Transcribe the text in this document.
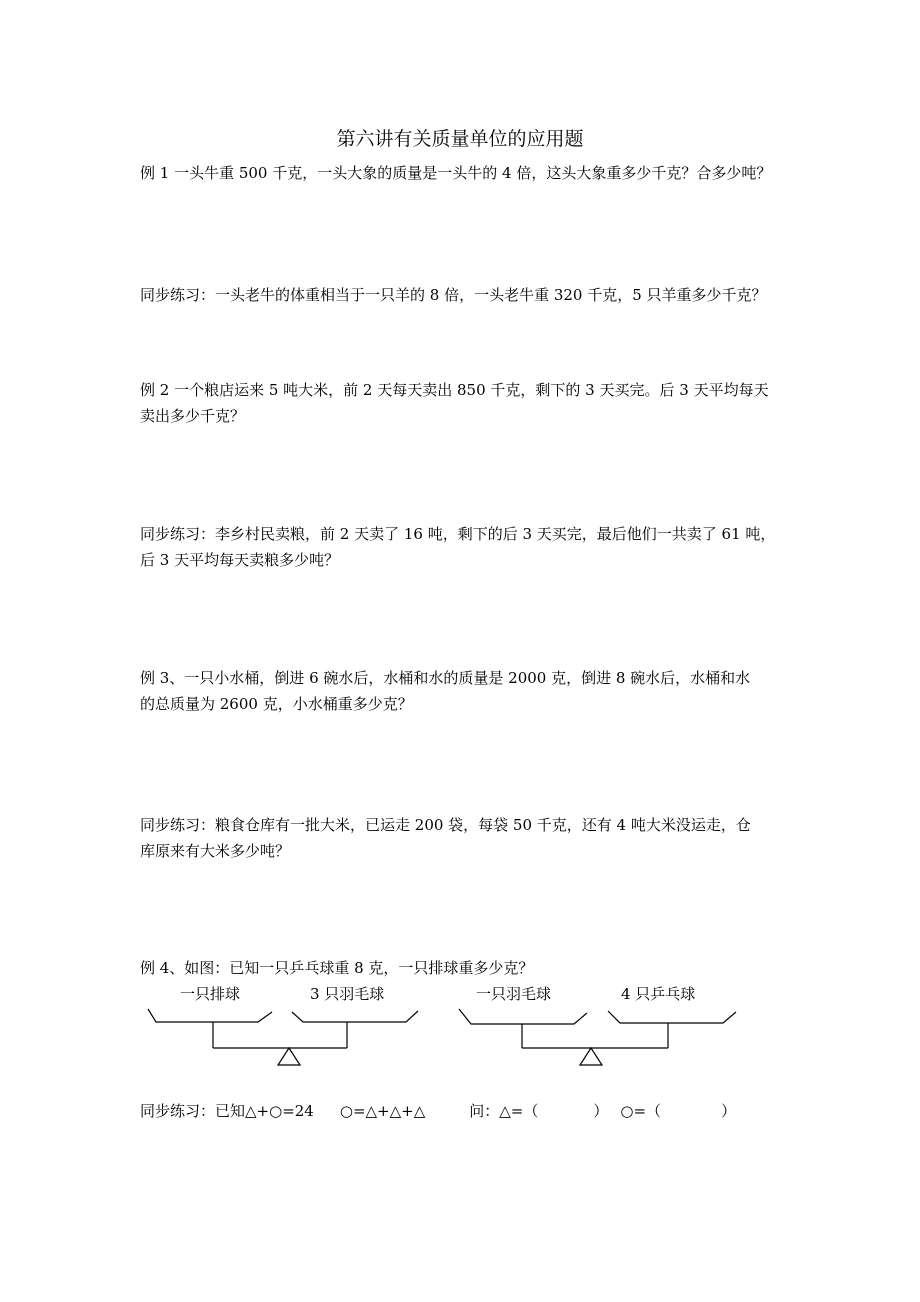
第六讲有关质量单位的应用题
例 1 一头牛重 500 千克，一头大象的质量是一头牛的 4 倍，这头大象重多少千克？合多少吨？
同步练习：一头老牛的体重相当于一只羊的 8 倍，一头老牛重 320 千克，5 只羊重多少千克？
例 2 一个粮店运来 5 吨大米，前 2 天每天卖出 850 千克，剩下的 3 天买完。后 3 天平均每天
卖出多少千克？
同步练习：李乡村民卖粮，前 2 天卖了 16 吨，剩下的后 3 天买完，最后他们一共卖了 61 吨，
后 3 天平均每天卖粮多少吨？
例 3、一只小水桶，倒进 6 碗水后，水桶和水的质量是 2000 克，倒进 8 碗水后，水桶和水
的总质量为 2600 克，小水桶重多少克？
同步练习：粮食仓库有一批大米，已运走 200 袋，每袋 50 千克，还有 4 吨大米没运走，仓
库原来有大米多少吨？
例 4、如图：已知一只乒乓球重 8 克，一只排球重多少克？
一只排球	3 只羽毛球	一只羽毛球	4 只乒乓球
同步练习：已知△+○=24 ○=△+△+△	问：△=（	） ○=（	）
